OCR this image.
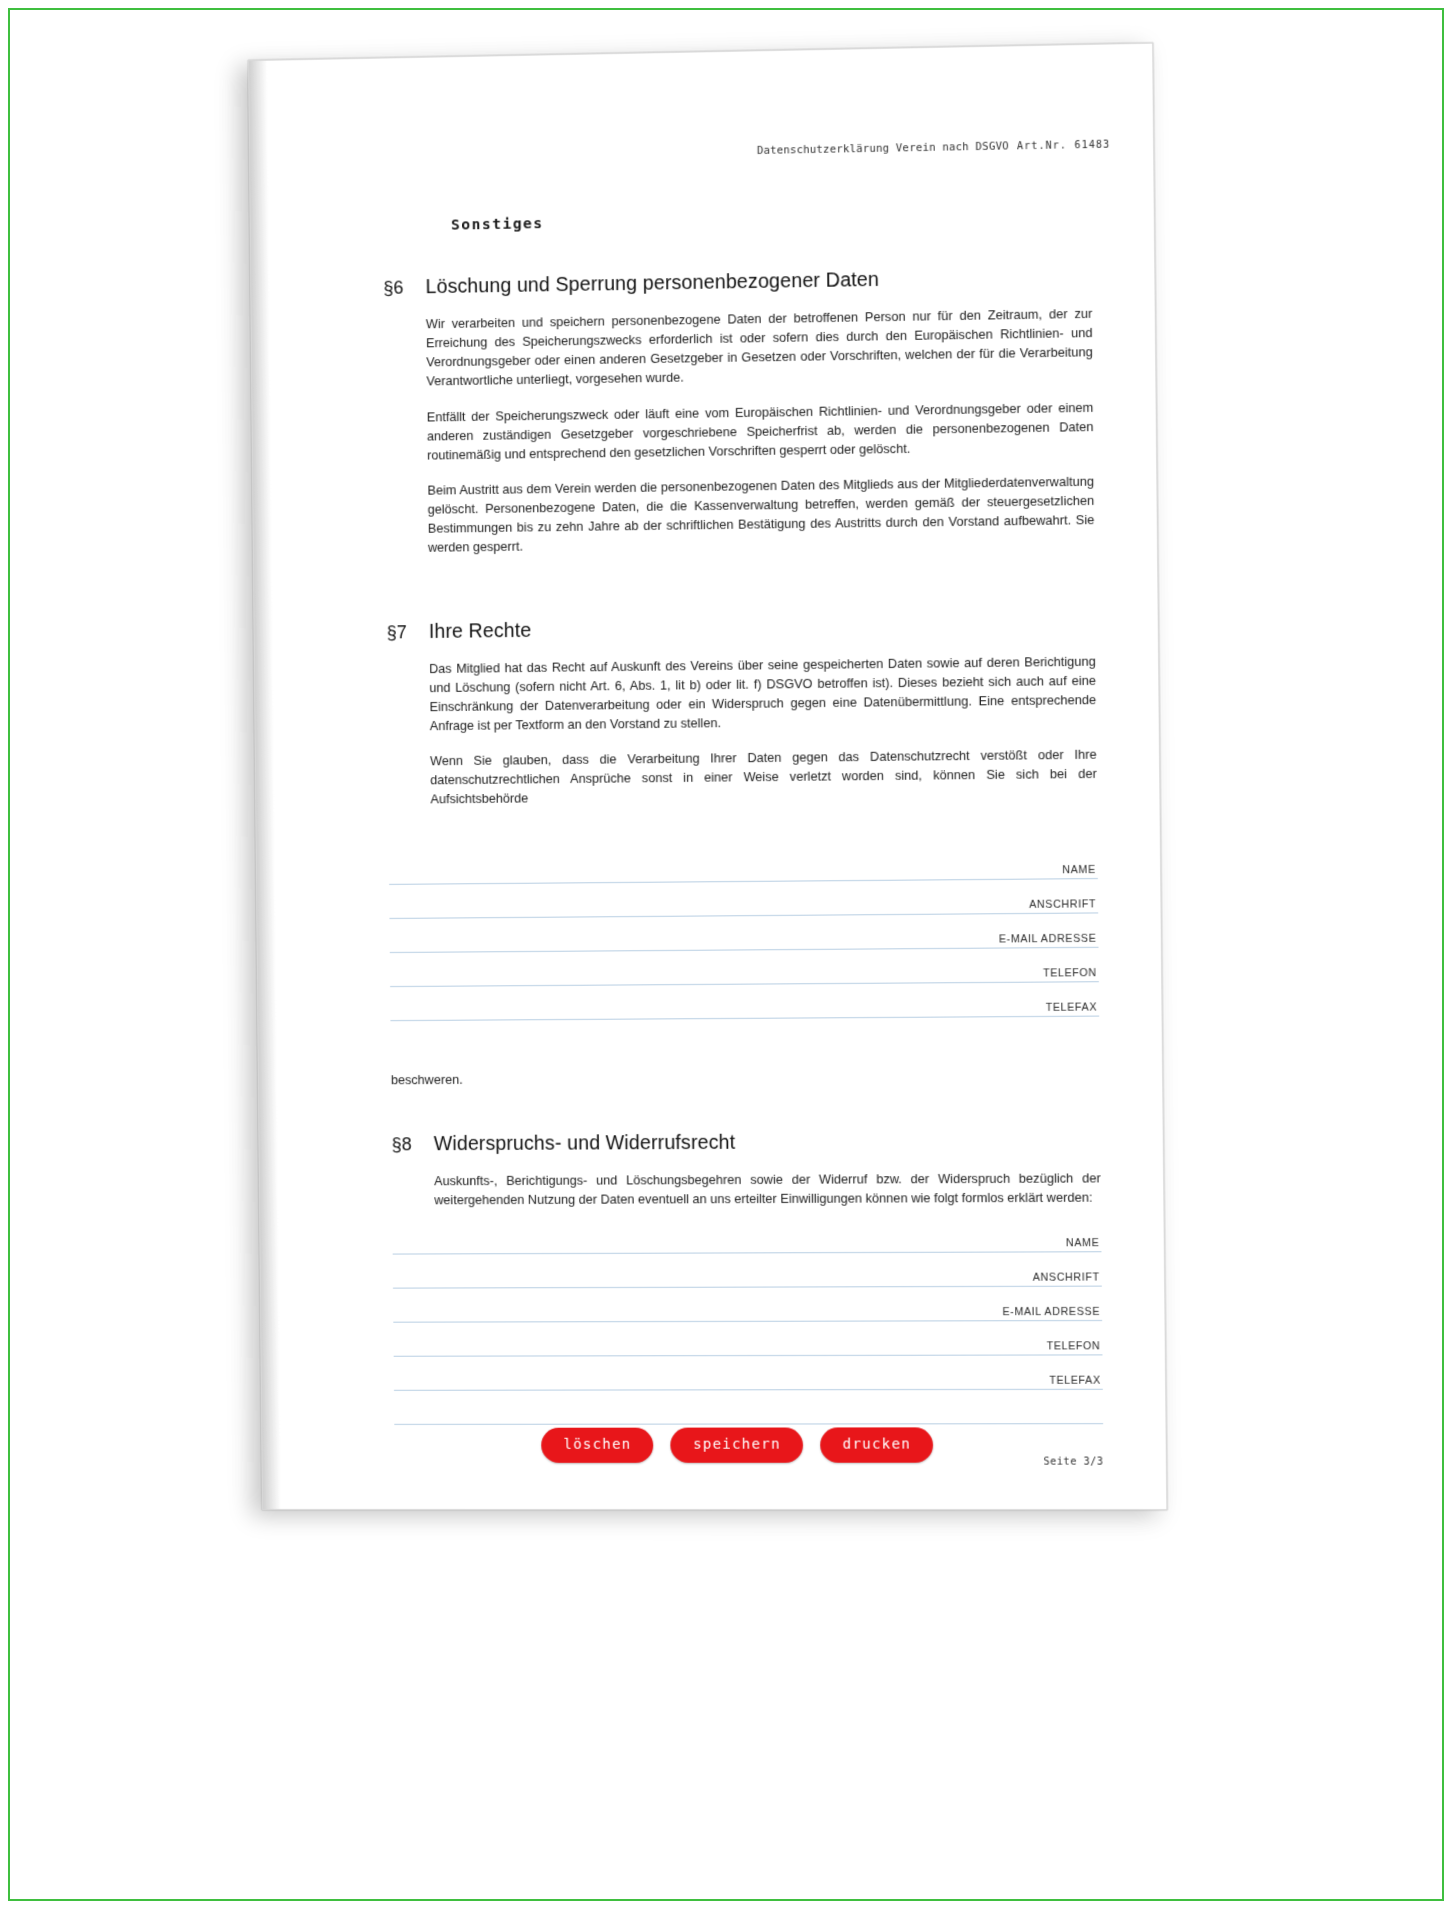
Datenschutzerklärung Verein nach DSGVO Art.Nr. 61483
Sonstiges
§6	Löschung und Sperrung personenbezogener Daten
Wir verarbeiten und speichern personenbezogene Daten der betroffenen Person nur für den Zeitraum, der zur Erreichung des Speicherungszwecks erforderlich ist oder sofern dies durch den Europäischen Richtlinien- und Verordnungsgeber oder einen anderen Gesetzgeber in Gesetzen oder Vorschriften, welchen der für die Verarbeitung Verantwortliche unterliegt, vorgesehen wurde.
Entfällt der Speicherungszweck oder läuft eine vom Europäischen Richtlinien- und Verordnungsgeber oder einem anderen zuständigen Gesetzgeber vorgeschriebene Speicherfrist ab, werden die personenbezogenen Daten routinemäßig und entsprechend den gesetzlichen Vorschriften gesperrt oder gelöscht.
Beim Austritt aus dem Verein werden die personenbezogenen Daten des Mitglieds aus der Mitgliederdatenverwaltung gelöscht. Personenbezogene Daten, die die Kassenverwaltung betreffen, werden gemäß der steuergesetzlichen Bestimmungen bis zu zehn Jahre ab der schriftlichen Bestätigung des Austritts durch den Vorstand aufbewahrt. Sie werden gesperrt.
§7	Ihre Rechte
Das Mitglied hat das Recht auf Auskunft des Vereins über seine gespeicherten Daten sowie auf deren Berichtigung und Löschung (sofern nicht Art. 6, Abs. 1, lit b) oder lit. f) DSGVO betroffen ist). Dieses bezieht sich auch auf eine Einschränkung der Datenverarbeitung oder ein Widerspruch gegen eine Datenübermittlung. Eine entsprechende Anfrage ist per Textform an den Vorstand zu stellen.
Wenn Sie glauben, dass die Verarbeitung Ihrer Daten gegen das Datenschutzrecht verstößt oder Ihre datenschutzrechtlichen Ansprüche sonst in einer Weise verletzt worden sind, können Sie sich bei der Aufsichtsbehörde
NAME
ANSCHRIFT
E-MAIL ADRESSE
TELEFON
TELEFAX
beschweren.
§8	Widerspruchs- und Widerrufsrecht
Auskunfts-, Berichtigungs- und Löschungsbegehren sowie der Widerruf bzw. der Widerspruch bezüglich der weitergehenden Nutzung der Daten eventuell an uns erteilter Einwilligungen können wie folgt formlos erklärt werden:
NAME
ANSCHRIFT
E-MAIL ADRESSE
TELEFON
TELEFAX
Seite 3/3
löschen	speichern	drucken
